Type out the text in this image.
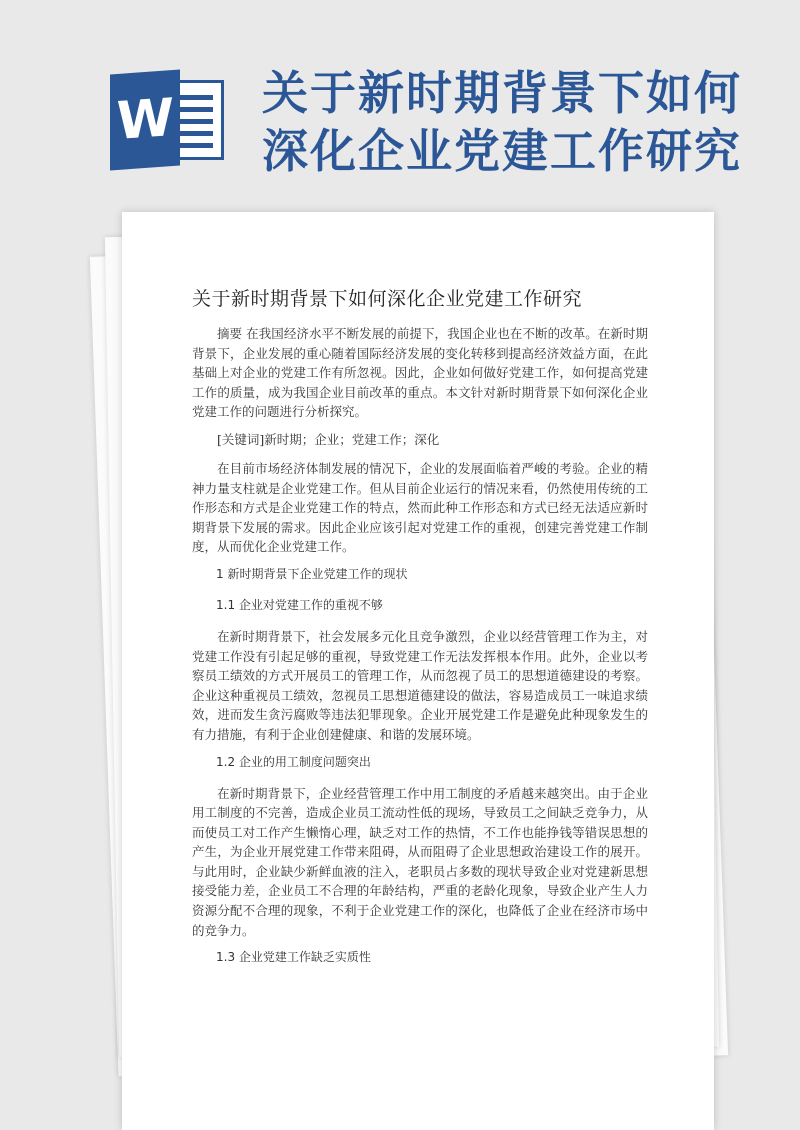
W 关于新时期背景下如何
深化企业党建工作研究
关于新时期背景下如何深化企业党建工作研究

摘要 在我国经济水平不断发展的前提下，我国企业也在不断的改革。在新时期背景下，企业发展的重心随着国际经济发展的变化转移到提高经济效益方面，在此基础上对企业的党建工作有所忽视。因此，企业如何做好党建工作，如何提高党建工作的质量，成为我国企业目前改革的重点。本文针对新时期背景下如何深化企业党建工作的问题进行分析探究。

[关键词]新时期；企业；党建工作；深化

在目前市场经济体制发展的情况下，企业的发展面临着严峻的考验。企业的精神力量支柱就是企业党建工作。但从目前企业运行的情况来看，仍然使用传统的工作形态和方式是企业党建工作的特点，然而此种工作形态和方式已经无法适应新时期背景下发展的需求。因此企业应该引起对党建工作的重视，创建完善党建工作制度，从而优化企业党建工作。

1 新时期背景下企业党建工作的现状
1.1 企业对党建工作的重视不够

在新时期背景下，社会发展多元化且竞争激烈，企业以经营管理工作为主，对党建工作没有引起足够的重视，导致党建工作无法发挥根本作用。此外，企业以考察员工绩效的方式开展员工的管理工作，从而忽视了员工的思想道德建设的考察。企业这种重视员工绩效，忽视员工思想道德建设的做法，容易造成员工一味追求绩效，进而发生贪污腐败等违法犯罪现象。企业开展党建工作是避免此种现象发生的有力措施，有利于企业创建健康、和谐的发展环境。

1.2 企业的用工制度问题突出

在新时期背景下，企业经营管理工作中用工制度的矛盾越来越突出。由于企业用工制度的不完善，造成企业员工流动性低的现场，导致员工之间缺乏竞争力，从而使员工对工作产生懒惰心理，缺乏对工作的热情，不工作也能挣钱等错误思想的产生，为企业开展党建工作带来阻碍，从而阻碍了企业思想政治建设工作的展开。与此用时，企业缺少新鲜血液的注入，老职员占多数的现状导致企业对党建新思想接受能力差，企业员工不合理的年龄结构，严重的老龄化现象，导致企业产生人力资源分配不合理的现象，不利于企业党建工作的深化，也降低了企业在经济市场中的竞争力。

1.3 企业党建工作缺乏实质性
